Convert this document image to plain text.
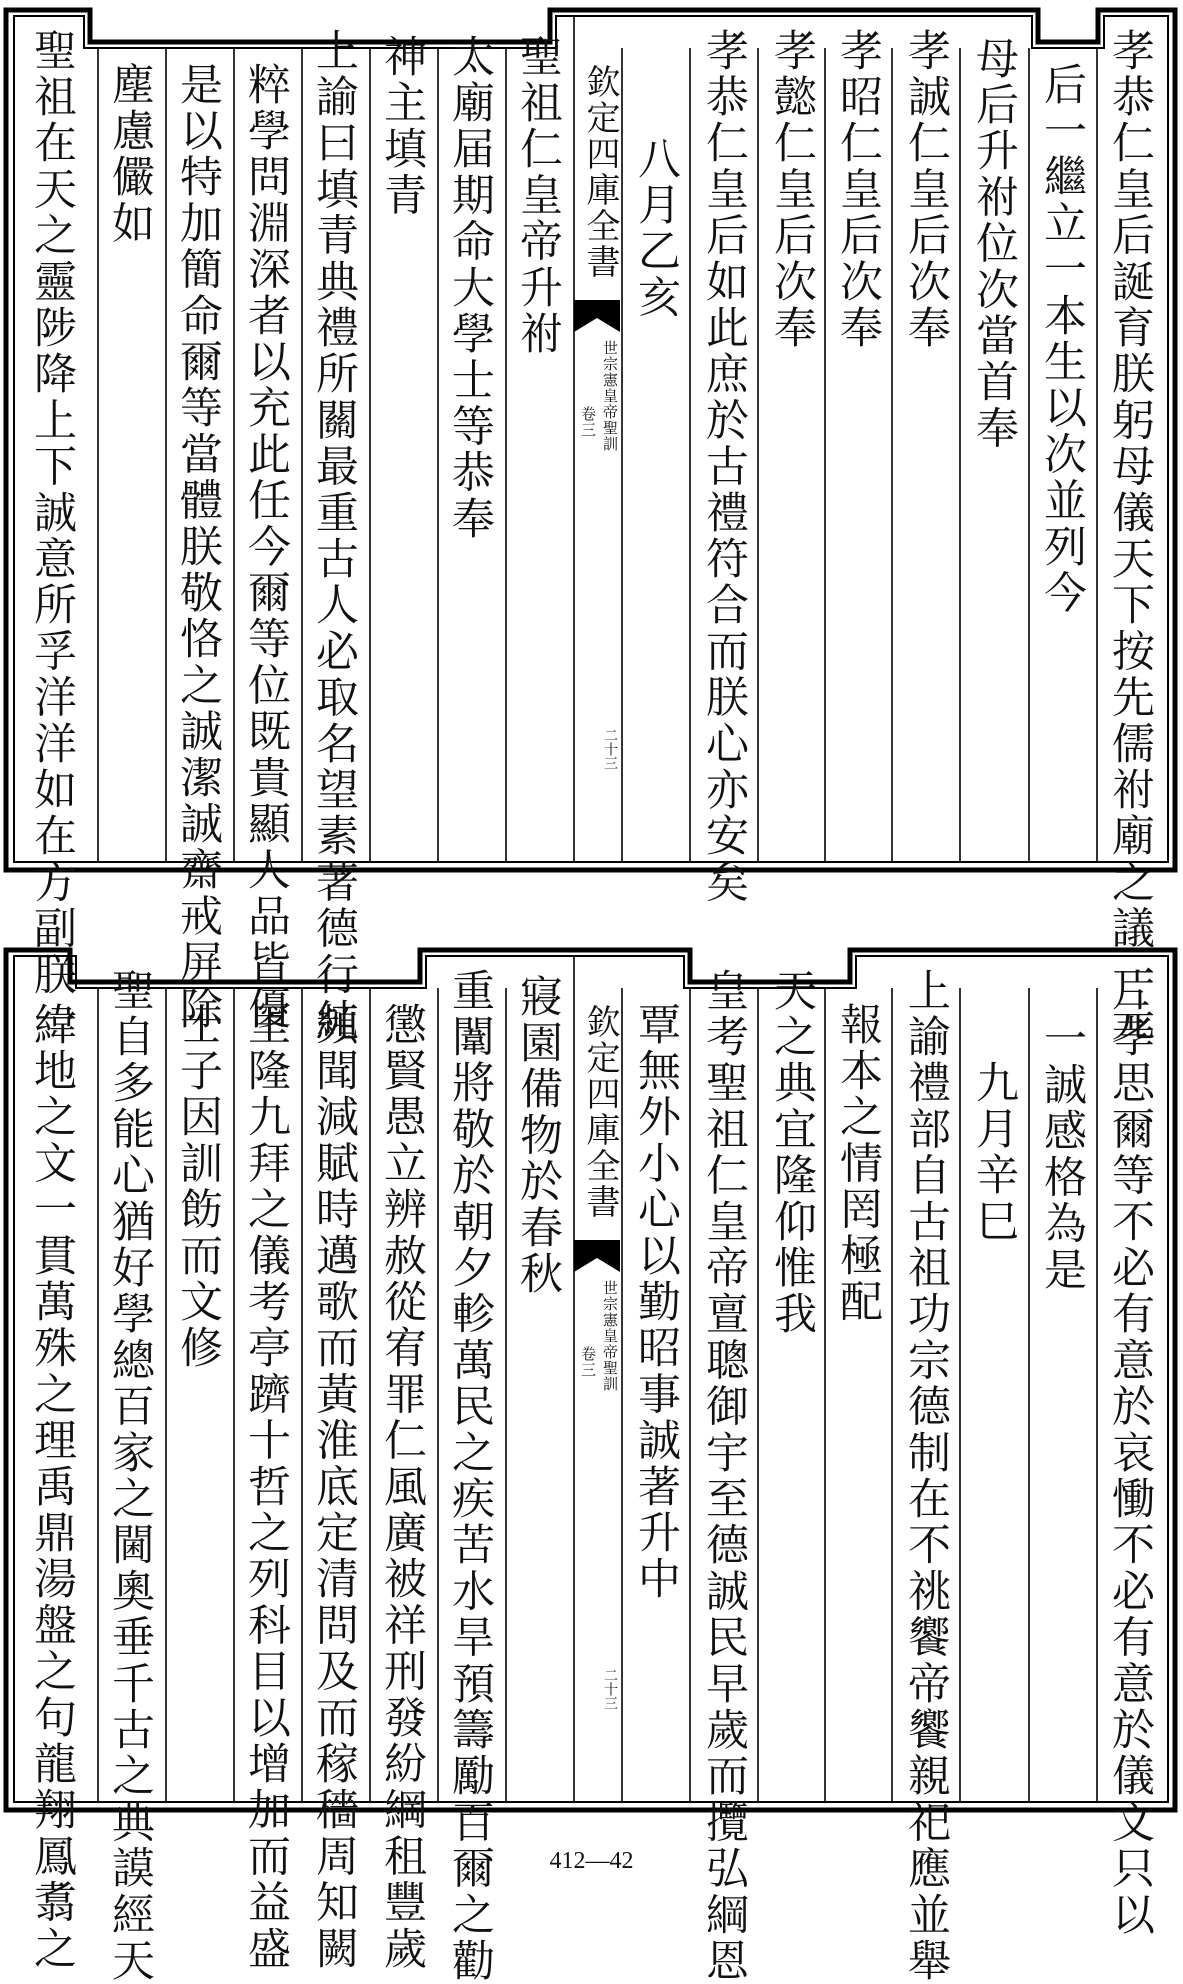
孝恭仁皇后誕育朕躬母儀天下按先儒祔廟之議一元
后一繼立一本生以次並列今
母后升祔位次當首奉
孝誠仁皇后次奉
孝昭仁皇后次奉
孝懿仁皇后次奉
孝恭仁皇后如此庶於古禮符合而朕心亦安矣
欽定四庫全書
世宗憲皇帝聖訓
卷三
二十三
八月乙亥
聖祖仁皇帝升祔
太廟届期命大學士等恭奉
神主填青
上諭曰填青典禮所關最重古人必取名望素著德行純
粹學問淵深者以充此任今爾等位既貴顯人品皆優
是以特加簡命爾等當體朕敬恪之誠潔誠齋戒屏除
塵慮儼如
聖祖在天之靈陟降上下誠意所孚洋洋如在方副朕一
片孝思爾等不必有意於哀慟不必有意於儀文只以
一誠感格為是
九月辛巳
上諭禮部自古祖功宗德制在不祧饗帝饗親祀應並舉
報本之情罔極配
天之典宜隆仰惟我
皇考聖祖仁皇帝亶聰御宇至德誠民早歲而攬弘綱恩
覃無外小心以勤昭事誠著升中
欽定四庫全書
世宗憲皇帝聖訓
卷三
二十三
寢園備物於春秋
重闈將敬於朝夕軫萬民之疾苦水旱預籌勵百爾之勸
懲賢愚立辨赦從宥罪仁風廣被祥刑發紛綱租豐歲
頻聞減賦時邁歌而黃淮底定清問及而稼穡周知闕
里隆九拜之儀考亭躋十哲之列科目以增加而益盛
士子因訓飭而文修
聖自多能心猶好學總百家之閫奧垂千古之典謨經天
緯地之文一貫萬殊之理禹鼎湯盤之句龍翔鳳翥之	412—42
